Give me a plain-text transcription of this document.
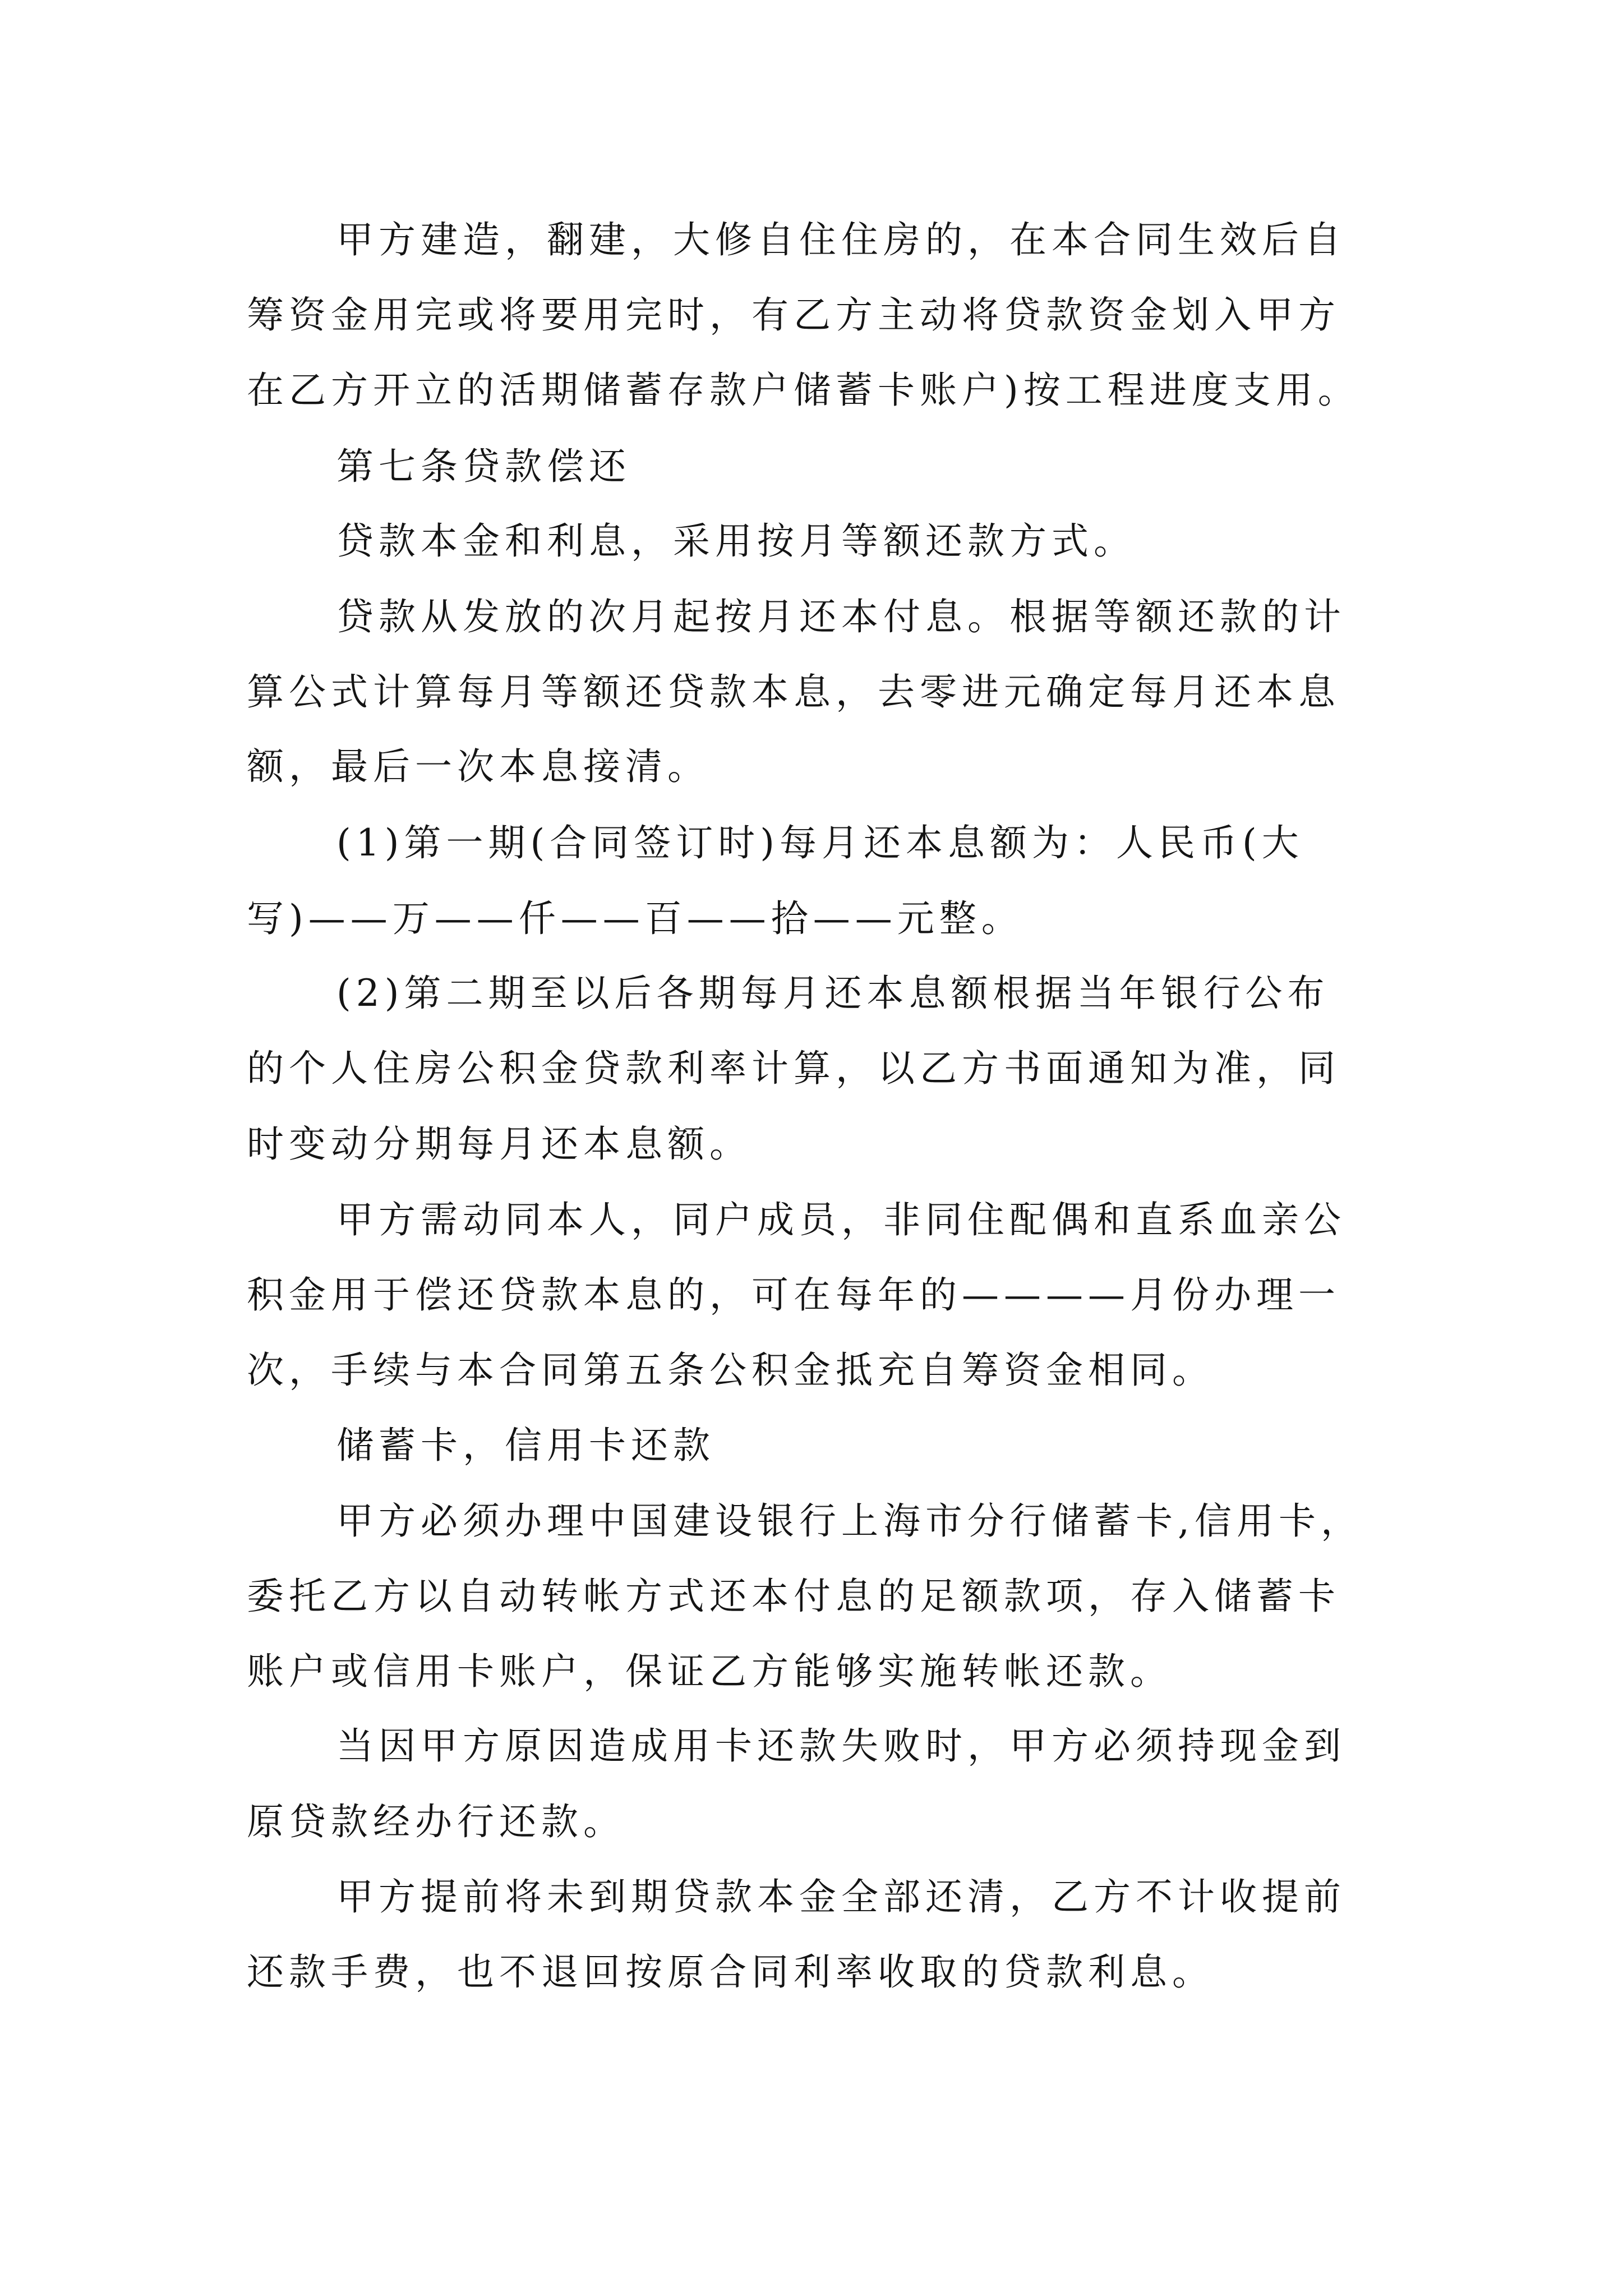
甲方建造，翻建，大修自住住房的，在本合同生效后自
筹资金用完或将要用完时，有乙方主动将贷款资金划入甲方
在乙方开立的活期储蓄存款户储蓄卡账户)按工程进度支用。
第七条贷款偿还
贷款本金和利息，采用按月等额还款方式。
贷款从发放的次月起按月还本付息。根据等额还款的计
算公式计算每月等额还贷款本息，去零进元确定每月还本息
额，最后一次本息接清。
(1)第一期(合同签订时)每月还本息额为：人民币(大
写)——万——仟——百——拾——元整。
(2)第二期至以后各期每月还本息额根据当年银行公布
的个人住房公积金贷款利率计算，以乙方书面通知为准，同
时变动分期每月还本息额。
甲方需动同本人，同户成员，非同住配偶和直系血亲公
积金用于偿还贷款本息的，可在每年的————月份办理一
次，手续与本合同第五条公积金抵充自筹资金相同。
储蓄卡，信用卡还款
甲方必须办理中国建设银行上海市分行储蓄卡,信用卡，
委托乙方以自动转帐方式还本付息的足额款项，存入储蓄卡
账户或信用卡账户，保证乙方能够实施转帐还款。
当因甲方原因造成用卡还款失败时，甲方必须持现金到
原贷款经办行还款。
甲方提前将未到期贷款本金全部还清，乙方不计收提前
还款手费，也不退回按原合同利率收取的贷款利息。
